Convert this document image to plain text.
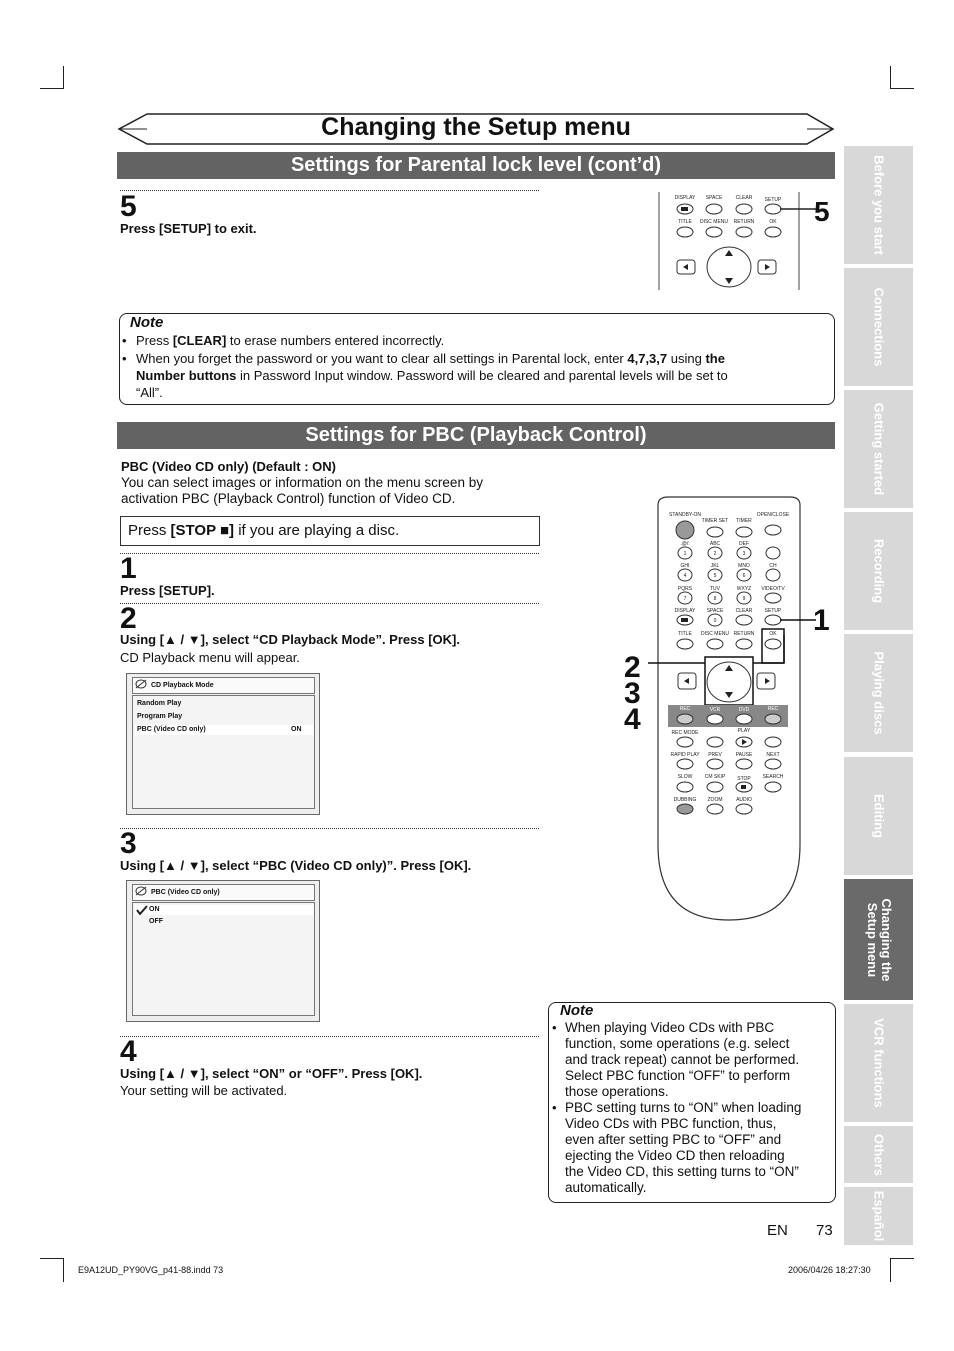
Changing the Setup menu
Settings for Parental lock level (cont’d)
5
Press [SETUP] to exit.
DISPLAY SPACE	CLEAR SETUP
TITLE DISC MENU RETURN	OK 5
Note
• Press [CLEAR] to erase numbers entered incorrectly.
• When you forget the password or you want to clear all settings in Parental lock, enter 4,7,3,7 using the
Number buttons in Password Input window. Password will be cleared and parental levels will be set to
“All”.
Settings for PBC (Playback Control)
PBC (Video CD only) (Default : ON)
You can select images or information on the menu screen by
activation PBC (Playback Control) function of Video CD.
Press [STOP ■] if you are playing a disc.
1
Press [SETUP].
2
Using [▲ / ▼], select “CD Playback Mode”. Press [OK].
CD Playback menu will appear.
CD Playback Mode
Random Play
Program Play
PBC (Video CD only)	ON
3
Using [▲ / ▼], select “PBC (Video CD only)”. Press [OK].
PBC (Video CD only)
ON
OFF
4
Using [▲ / ▼], select “ON” or “OFF”. Press [OK].
Your setting will be activated.
STANDBY-ON	OPEN/CLOSE
TIMER SET TIMER
.@/:	ABC	DEF
1	2	3
GHI	JKL	MNO	CH
4	5	6
PQRS	TUV	WXYZ VIDEO/TV
7	8	9
DISPLAY SPACE CLEAR SETUP
0
TITLE DISC MENU RETURN	OK
REC	VCR	DVD	REC
REC MODE	PLAY
RAPID PLAY PREV	PAUSE	NEXT
SLOW CM SKIP STOP SEARCH
DUBBING ZOOM	AUDIO
1
2
3
4
Note
• When playing Video CDs with PBC
function, some operations (e.g. select
and track repeat) cannot be performed.
Select PBC function “OFF” to perform
those operations.
• PBC setting turns to “ON” when loading
Video CDs with PBC function, thus,
even after setting PBC to “OFF” and
ejecting the Video CD then reloading
the Video CD, this setting turns to “ON”
automatically.
Before you start
Connections
Getting started
Recording
Playing discs
Editing
Changing the Setup menu
VCR functions
Others
Español
EN 73
E9A12UD_PY90VG_p41-88.indd 73	2006/04/26 18:27:30
